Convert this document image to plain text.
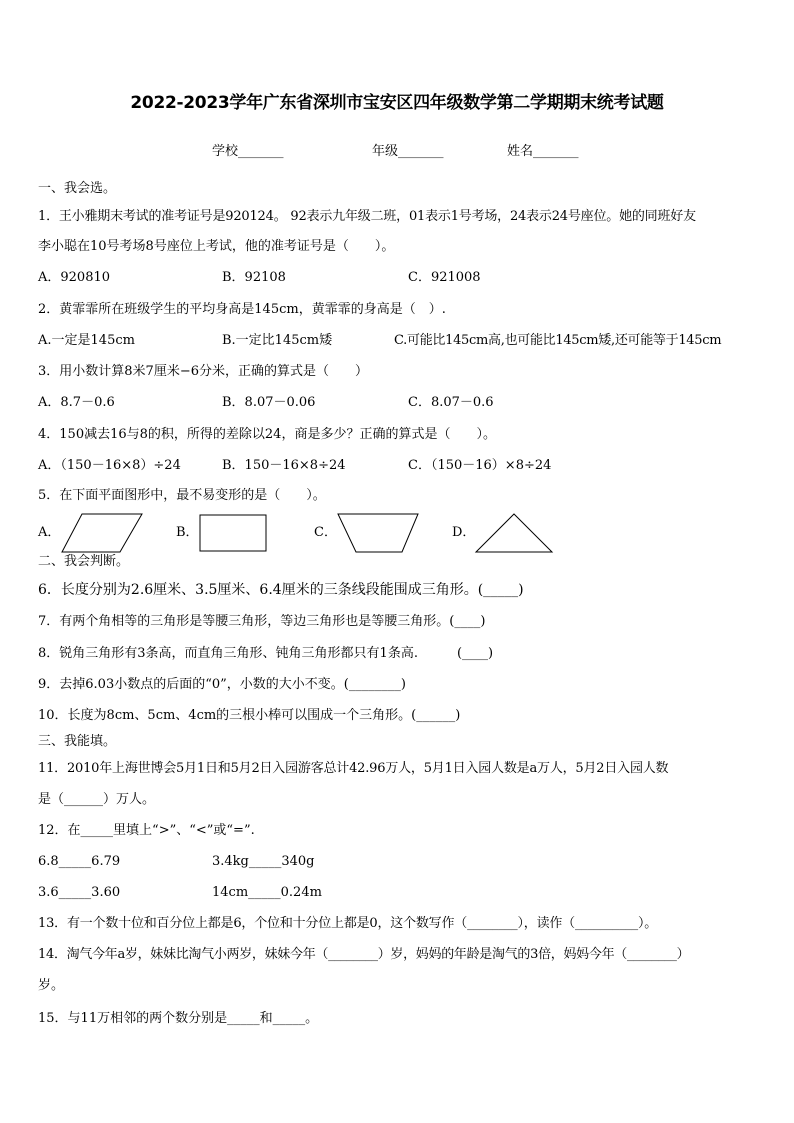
2022-2023学年广东省深圳市宝安区四年级数学第二学期期末统考试题
学校_______	年级_______	姓名_______
一、我会选。
1．王小雅期末考试的准考证号是920124。 92表示九年级二班，01表示1号考场，24表示24号座位。她的同班好友
李小聪在10号考场8号座位上考试，他的准考证号是（　　）。
A．920810	B．92108	C．921008
2．黄霏霏所在班级学生的平均身高是145cm，黄霏霏的身高是（　）.
A.一定是145cm	B.一定比145cm矮	C.可能比145cm高,也可能比145cm矮,还可能等于145cm
3．用小数计算8米7厘米−6分米，正确的算式是（　　）
A．8.7－0.6	B．8.07－0.06	C．8.07－0.6
4．150减去16与8的积，所得的差除以24，商是多少？正确的算式是（　　）。
A．（150－16×8）÷24	B．150－16×8÷24	C．（150－16）×8÷24
5．在下面平面图形中，最不易变形的是（　　）。
A．	B．	C．	D．
二、我会判断。
6．长度分别为2.6厘米、3.5厘米、6.4厘米的三条线段能围成三角形。(_____)
7．有两个角相等的三角形是等腰三角形，等边三角形也是等腰三角形。(____)
8．锐角三角形有3条高，而直角三角形、钝角三角形都只有1条高.　　　(____)
9．去掉6.03小数点的后面的“0”，小数的大小不变。(________)
10．长度为8cm、5cm、4cm的三根小棒可以围成一个三角形。(______)
三、我能填。
11．2010年上海世博会5月1日和5月2日入园游客总计42.96万人，5月1日入园人数是a万人，5月2日入园人数
是（______）万人。
12．在_____里填上“>”、“<”或“=”.
6.8_____6.79	3.4kg_____340g
3.6_____3.60	14cm_____0.24m
13．有一个数十位和百分位上都是6，个位和十分位上都是0，这个数写作（________），读作（__________）。
14．淘气今年a岁，妹妹比淘气小两岁，妹妹今年（________）岁，妈妈的年龄是淘气的3倍，妈妈今年（________）
岁。
15．与11万相邻的两个数分别是_____和_____。
